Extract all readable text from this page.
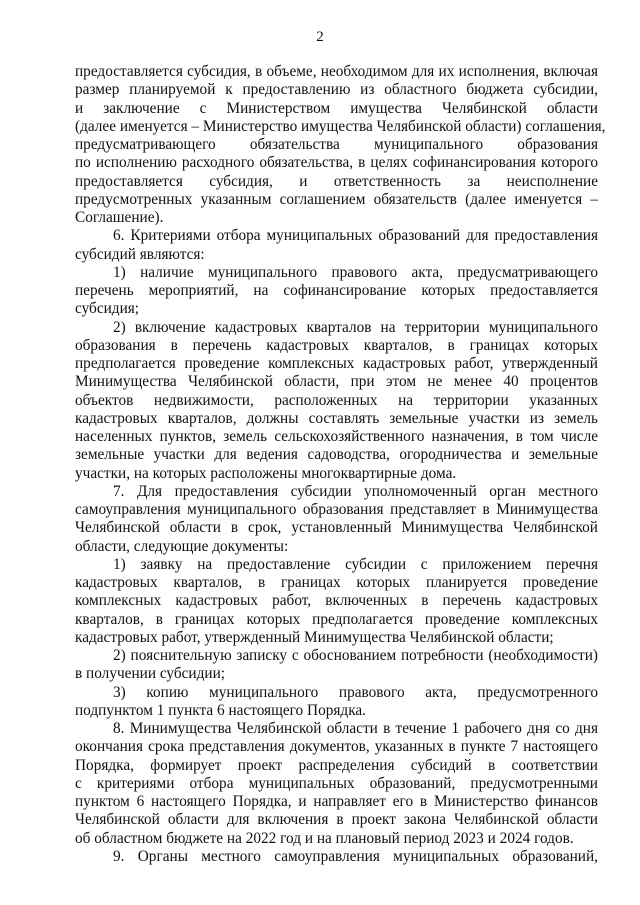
2
предоставляется субсидия, в объеме, необходимом для их исполнения, включая
размер планируемой к предоставлению из областного бюджета субсидии,
и заключение с Министерством имущества Челябинской области
(далее именуется – Министерство имущества Челябинской области) соглашения,
предусматривающего обязательства муниципального образования
по исполнению расходного обязательства, в целях софинансирования которого
предоставляется субсидия, и ответственность за неисполнение
предусмотренных указанным соглашением обязательств (далее именуется –
Соглашение).
6. Критериями отбора муниципальных образований для предоставления
субсидий являются:
1) наличие муниципального правового акта, предусматривающего
перечень мероприятий, на софинансирование которых предоставляется
субсидия;
2) включение кадастровых кварталов на территории муниципального
образования в перечень кадастровых кварталов, в границах которых
предполагается проведение комплексных кадастровых работ, утвержденный
Минимущества Челябинской области, при этом не менее 40 процентов
объектов недвижимости, расположенных на территории указанных
кадастровых кварталов, должны составлять земельные участки из земель
населенных пунктов, земель сельскохозяйственного назначения, в том числе
земельные участки для ведения садоводства, огородничества и земельные
участки, на которых расположены многоквартирные дома.
7. Для предоставления субсидии уполномоченный орган местного
самоуправления муниципального образования представляет в Минимущества
Челябинской области в срок, установленный Минимущества Челябинской
области, следующие документы:
1) заявку на предоставление субсидии с приложением перечня
кадастровых кварталов, в границах которых планируется проведение
комплексных кадастровых работ, включенных в перечень кадастровых
кварталов, в границах которых предполагается проведение комплексных
кадастровых работ, утвержденный Минимущества Челябинской области;
2) пояснительную записку с обоснованием потребности (необходимости)
в получении субсидии;
3) копию муниципального правового акта, предусмотренного
подпунктом 1 пункта 6 настоящего Порядка.
8. Минимущества Челябинской области в течение 1 рабочего дня со дня
окончания срока представления документов, указанных в пункте 7 настоящего
Порядка, формирует проект распределения субсидий в соответствии
с критериями отбора муниципальных образований, предусмотренными
пунктом 6 настоящего Порядка, и направляет его в Министерство финансов
Челябинской области для включения в проект закона Челябинской области
об областном бюджете на 2022 год и на плановый период 2023 и 2024 годов.
9. Органы местного самоуправления муниципальных образований,
